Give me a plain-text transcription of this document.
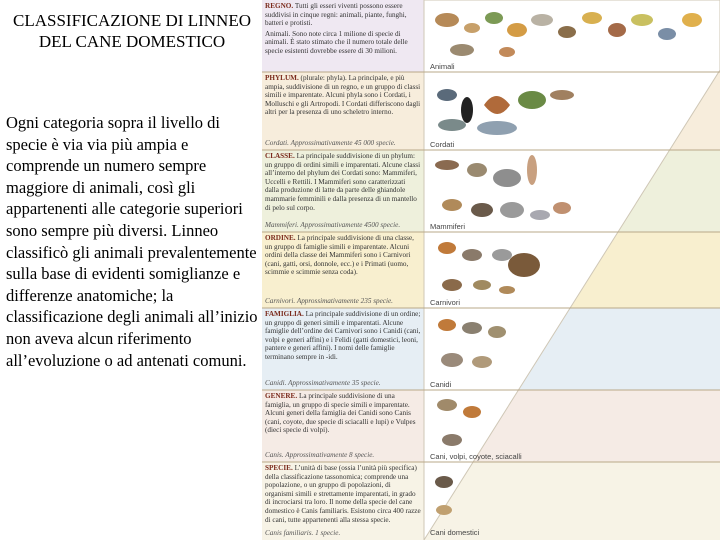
CLASSIFICAZIONE DI LINNEO DEL CANE DOMESTICO
Ogni categoria sopra il livello di specie è via via più ampia e comprende un numero sempre maggiore di animali, così gli appartenenti alle categorie superiori sono sempre più diversi. Linneo classificò gli animali prevalentemente sulla base di evidenti somiglianze e differenze anatomiche; la classificazione degli animali all’inizio non aveva alcun riferimento all’evoluzione o ad antenati comuni.
REGNO. Tutti gli esseri viventi possono essere suddivisi in cinque regni: animali, piante, funghi, batteri e protisti.
Animali. Sono note circa 1 milione di specie di animali. È stato stimato che il numero totale delle specie esistenti dovrebbe essere di 30 milioni.
PHYLUM. (plurale: phyla). La principale, e più ampia, suddivisione di un regno, e un gruppo di classi simili e imparentate. Alcuni phyla sono i Cordati, i Molluschi e gli Artropodi. I Cordati differiscono dagli altri per la presenza di uno scheletro interno.
Cordati. Approssimativamente 45 000 specie.
CLASSE. La principale suddivisione di un phylum: un gruppo di ordini simili e imparentati. Alcune classi all’interno del phylum dei Cordati sono: Mammiferi, Uccelli e Rettili. I Mammiferi sono caratterizzati dalla produzione di latte da parte delle ghiandole mammarie femminili e dalla presenza di un mantello di pelo sul corpo.
Mammiferi. Approssimativamente 4500 specie.
ORDINE. La principale suddivisione di una classe, un gruppo di famiglie simili e imparentate. Alcuni ordini della classe dei Mammiferi sono i Carnivori (cani, gatti, orsi, donnole, ecc.) e i Primati (uomo, scimmie e scimmie senza coda).
Carnivori. Approssimativamente 235 specie.
FAMIGLIA. La principale suddivisione di un ordine; un gruppo di generi simili e imparentati. Alcune famiglie dell’ordine dei Carnivori sono i Canidi (cani, volpi e generi affini) e i Felidi (gatti domestici, leoni, pantere e generi affini). I nomi delle famiglie terminano sempre in -idi.
Canidi. Approssimativamente 35 specie.
GENERE. La principale suddivisione di una famiglia, un gruppo di specie simili e imparentate. Alcuni generi della famiglia dei Canidi sono Canis (cani, coyote, due specie di sciacalli e lupi) e Vulpes (dieci specie di volpi).
Canis. Approssimativamente 8 specie.
SPECIE. L’unità di base (ossia l’unità più specifica) della classificazione tassonomica; comprende una popolazione, o un gruppo di popolazioni, di organismi simili e strettamente imparentati, in grado di incrociarsi tra loro. Il nome della specie del cane domestico è Canis familiaris. Esistono circa 400 razze di cani, tutte appartenenti alla stessa specie.
Canis familiaris. 1 specie.
Animali
Cordati
Mammiferi
Carnivori
Canidi
Cani, volpi, coyote, sciacalli
Cani domestici
